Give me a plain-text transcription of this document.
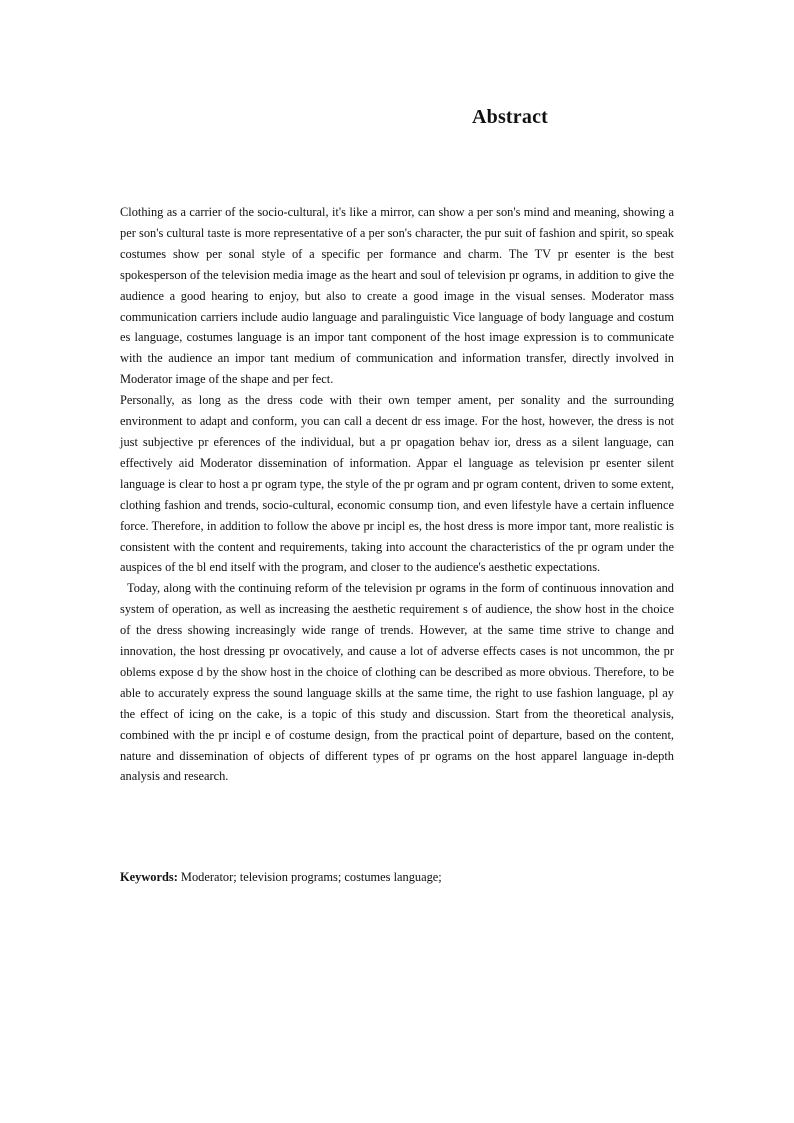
Abstract

Clothing as a carrier of the socio-cultural, it's like a mirror, can show a per son's mind and meaning, showing a per son's cultural taste is more representative of a per son's character, the pur suit of fashion and spirit, so speak costumes show per sonal style of a specific per formance and charm. The TV pr esenter is the best spokesperson of the television media image as the heart and soul of television pr ograms, in addition to give the audience a good hearing to enjoy, but also to create a good image in the visual senses. Moderator mass communication carriers include audio language and paralinguistic Vice language of body language and costum es language, costumes language is an impor tant component of the host image expression is to communicate with the audience an impor tant medium of communication and information transfer, directly involved in Moderator image of the shape and per fect.

Personally, as long as the dress code with their own temper ament, per sonality and the surrounding environment to adapt and conform, you can call a decent dr ess image. For the host, however, the dress is not just subjective pr eferences of the individual, but a pr opagation behav ior, dress as a silent language, can effectively aid Moderator dissemination of information. Appar el language as television pr esenter silent language is clear to host a pr ogram type, the style of the pr ogram and pr ogram content, driven to some extent, clothing fashion and trends, socio-cultural, economic consump tion, and even lifestyle have a certain influence force. Therefore, in addition to follow the above pr incipl es, the host dress is more impor tant, more realistic is consistent with the content and requirements, taking into account the characteristics of the pr ogram under the auspices of the bl end itself with the program, and closer to the audience's aesthetic expectations.

Today, along with the continuing reform of the television pr ograms in the form of continuous innovation and system of operation, as well as increasing the aesthetic requirement s of audience, the show host in the choice of the dress showing increasingly wide range of trends. However, at the same time strive to change and innovation, the host dressing pr ovocatively, and cause a lot of adverse effects cases is not uncommon, the pr oblems expose d by the show host in the choice of clothing can be described as more obvious. Therefore, to be able to accurately express the sound language skills at the same time, the right to use fashion language, pl ay the effect of icing on the cake, is a topic of this study and discussion. Start from the theoretical analysis, combined with the pr incipl e of costume design, from the practical point of departure, based on the content, nature and dissemination of objects of different types of pr ograms on the host apparel language in-depth analysis and research.

Keywords: Moderator; television programs; costumes language;
